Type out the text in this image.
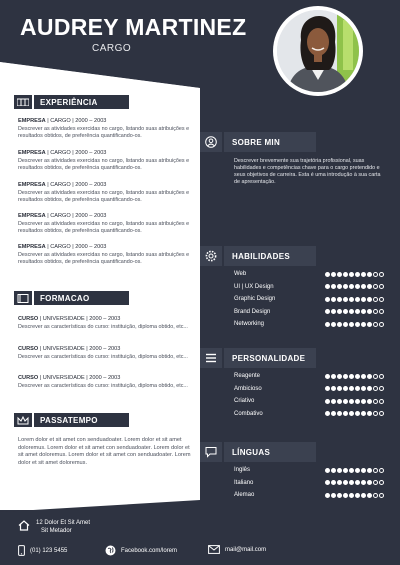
AUDREY MARTINEZ
CARGO
EXPERIÊNCIA
EMPRESA | CARGO | 2000 – 2003
Descrever as atividades exercidas no cargo, listando suas atribuições e resultados obtidos, de preferência quantificando-os.
EMPRESA | CARGO | 2000 – 2003
Descrever as atividades exercidas no cargo, listando suas atribuições e resultados obtidos, de preferência quantificando-os.
EMPRESA | CARGO | 2000 – 2003
Descrever as atividades exercidas no cargo, listando suas atribuições e resultados obtidos, de preferência quantificando-os.
EMPRESA | CARGO | 2000 – 2003
Descrever as atividades exercidas no cargo, listando suas atribuições e resultados obtidos, de preferência quantificando-os.
EMPRESA | CARGO | 2000 – 2003
Descrever as atividades exercidas no cargo, listando suas atribuições e resultados obtidos, de preferência quantificando-os.
FORMACAO
CURSO | UNIVERSIDADE | 2000 – 2003
Descrever as características do curso: instituição, diploma obtido, etc...
CURSO | UNIVERSIDADE | 2000 – 2003
Descrever as características do curso: instituição, diploma obtido, etc...
CURSO | UNIVERSIDADE | 2000 – 2003
Descrever as características do curso: instituição, diploma obtido, etc...
PASSATEMPO
Lorem dolor et sit amet con senduadoater. Lorem dolor et sit amet doloremus. Lorem dolor et sit amet con senduadoater. Lorem dolor et sit amet doloremus. Lorem dolor et sit amet con senduadoater. Lorem dolor et sit amet doloremus.
SOBRE MIN
Descrever brevemente sua trajetória profissional, suas habilidades e competências chave para o cargo pretendido e seus objetivos de carreira. Esta é uma introdução à sua carta de apresentação.
HABILIDADES
Web
UI | UX Design
Graphic Design
Brand Design
Networking
PERSONALIDADE
Reagente
Ambicioso
Criativo
Combativo
LÍNGUAS
Inglês
Italiano
Alemao
12 Dolor Et Sit Amet
Sit Metador
(01) 123 5455	Facebook.com/lorem	mail@mail.com
